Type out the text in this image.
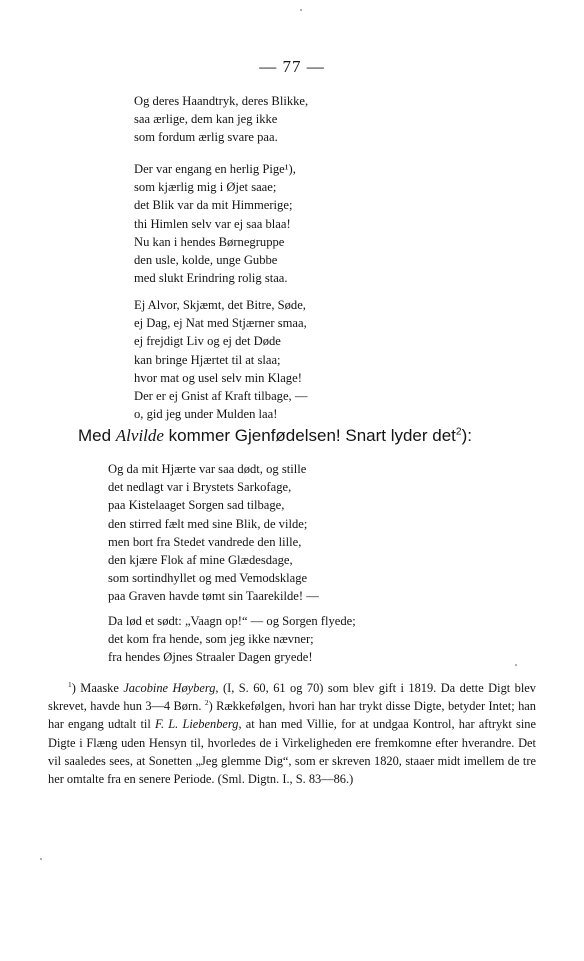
— 77 —
Og deres Haandtryk, deres Blikke,
saa ærlige, dem kan jeg ikke
som fordum ærlig svare paa.
Der var engang en herlig Pige¹),
som kjærlig mig i Øjet saae;
det Blik var da mit Himmerige;
thi Himlen selv var ej saa blaa!
Nu kan i hendes Børnegruppe
den usle, kolde, unge Gubbe
med slukt Erindring rolig staa.
Ej Alvor, Skjæmt, det Bitre, Søde,
ej Dag, ej Nat med Stjærner smaa,
ej frejdigt Liv og ej det Døde
kan bringe Hjærtet til at slaa;
hvor mat og usel selv min Klage!
Der er ej Gnist af Kraft tilbage, —
o, gid jeg under Mulden laa!
Med Alvilde kommer Gjenfødelsen! Snart lyder $\det^2$):
Og da mit Hjærte var saa dødt, og stille
det nedlagt var i Brystets Sarkofage,
paa Kistelaaget Sorgen sad tilbage,
den stirred fælt med sine Blik, de vilde;
men bort fra Stedet vandrede den lille,
den kjære Flok af mine Glædesdage,
som sortindhyllet og med Vemodsklage
paa Graven havde tømt sin Taarekilde! —
Da lød et sødt: „Vaagn op!“ — og Sorgen flyede;
det kom fra hende, som jeg ikke nævner;
fra hendes Øjnes Straaler Dagen gryede!

$^1$) Maaske Jacobine Høyberg, (I, S. 60, 61 og 70) som blev gift i 1819. Da dette Digt blev skrevet, havde hun 3—4 Børn. $^2$) Rækkefølgen, hvori han har trykt disse Digte, betyder Intet; han har engang udtalt til F. L. Liebenberg, at han med Villie, for at undgaa Kontrol, har aftrykt sine Digte i Flæng uden Hensyn til, hvorledes de i Virkeligheden ere fremkomne efter hverandre. Det vil saaledes sees, at Sonetten „Jeg glemme Dig“, som er skreven 1820, staaer midt imellem de tre her omtalte fra en senere Periode. (Sml. Digtn. I., S. 83—86.)
